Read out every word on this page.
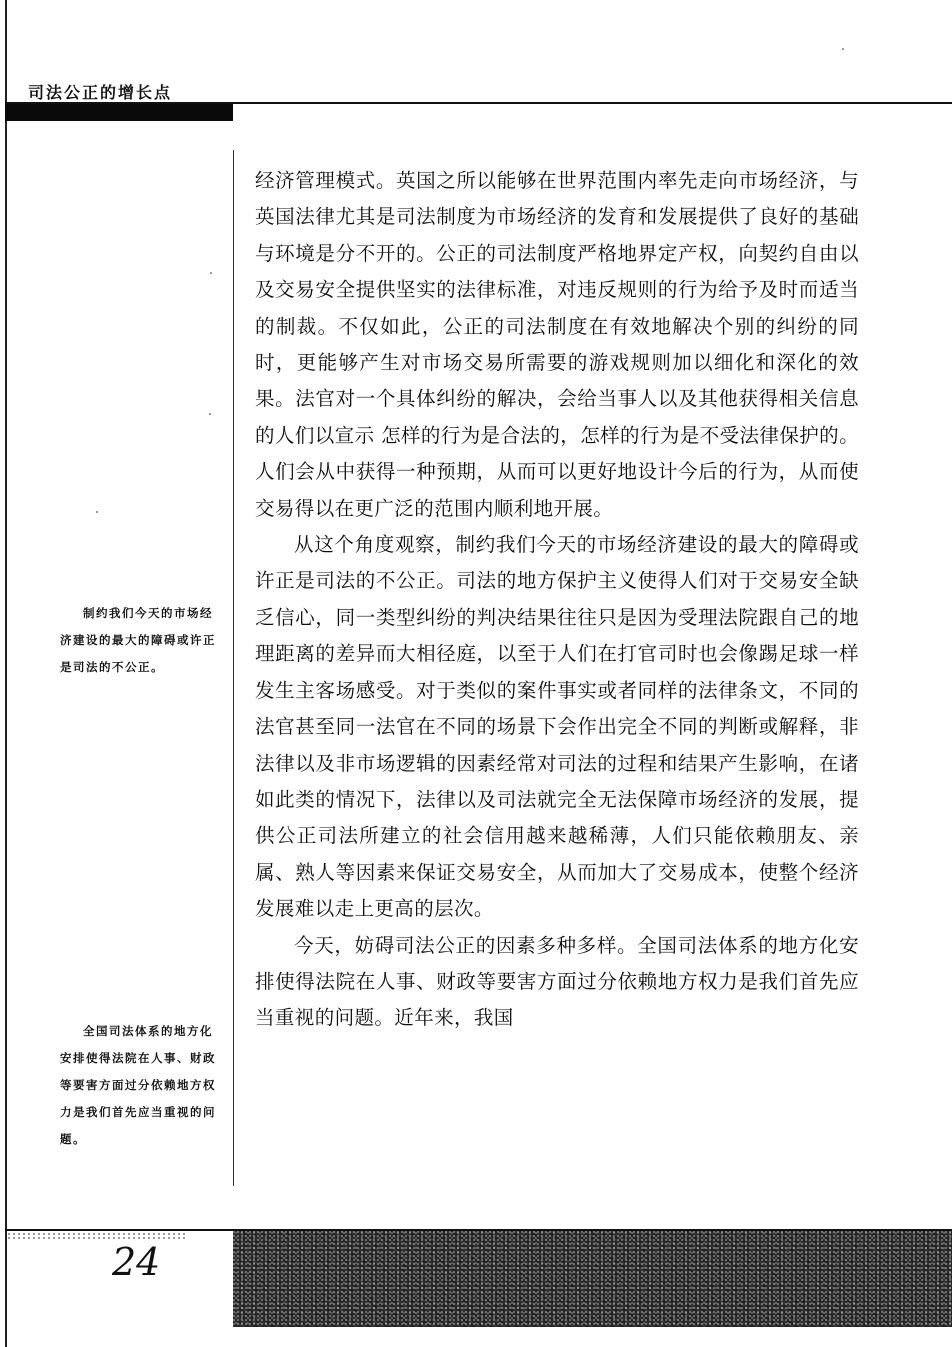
司法公正的增长点
制约我们今天的市场经济建设的最大的障碍或许正是司法的不公正。
全国司法体系的地方化安排使得法院在人事、财政等要害方面过分依赖地方权力是我们首先应当重视的问题。

经济管理模式。英国之所以能够在世界范围内率先走向市场经济，与英国法律尤其是司法制度为市场经济的发育和发展提供了良好的基础与环境是分不开的。公正的司法制度严格地界定产权，向契约自由以及交易安全提供坚实的法律标准，对违反规则的行为给予及时而适当的制裁。不仅如此，公正的司法制度在有效地解决个别的纠纷的同时，更能够产生对市场交易所需要的游戏规则加以细化和深化的效果。法官对一个具体纠纷的解决，会给当事人以及其他获得相关信息的人们以宣示 怎样的行为是合法的，怎样的行为是不受法律保护的。人们会从中获得一种预期，从而可以更好地设计今后的行为，从而使交易得以在更广泛的范围内顺利地开展。

从这个角度观察，制约我们今天的市场经济建设的最大的障碍或许正是司法的不公正。司法的地方保护主义使得人们对于交易安全缺乏信心，同一类型纠纷的判决结果往往只是因为受理法院跟自己的地理距离的差异而大相径庭，以至于人们在打官司时也会像踢足球一样发生主客场感受。对于类似的案件事实或者同样的法律条文，不同的法官甚至同一法官在不同的场景下会作出完全不同的判断或解释，非法律以及非市场逻辑的因素经常对司法的过程和结果产生影响，在诸如此类的情况下，法律以及司法就完全无法保障市场经济的发展，提供公正司法所建立的社会信用越来越稀薄，人们只能依赖朋友、亲属、熟人等因素来保证交易安全，从而加大了交易成本，使整个经济发展难以走上更高的层次。

今天，妨碍司法公正的因素多种多样。全国司法体系的地方化安排使得法院在人事、财政等要害方面过分依赖地方权力是我们首先应当重视的问题。近年来，我国

24
